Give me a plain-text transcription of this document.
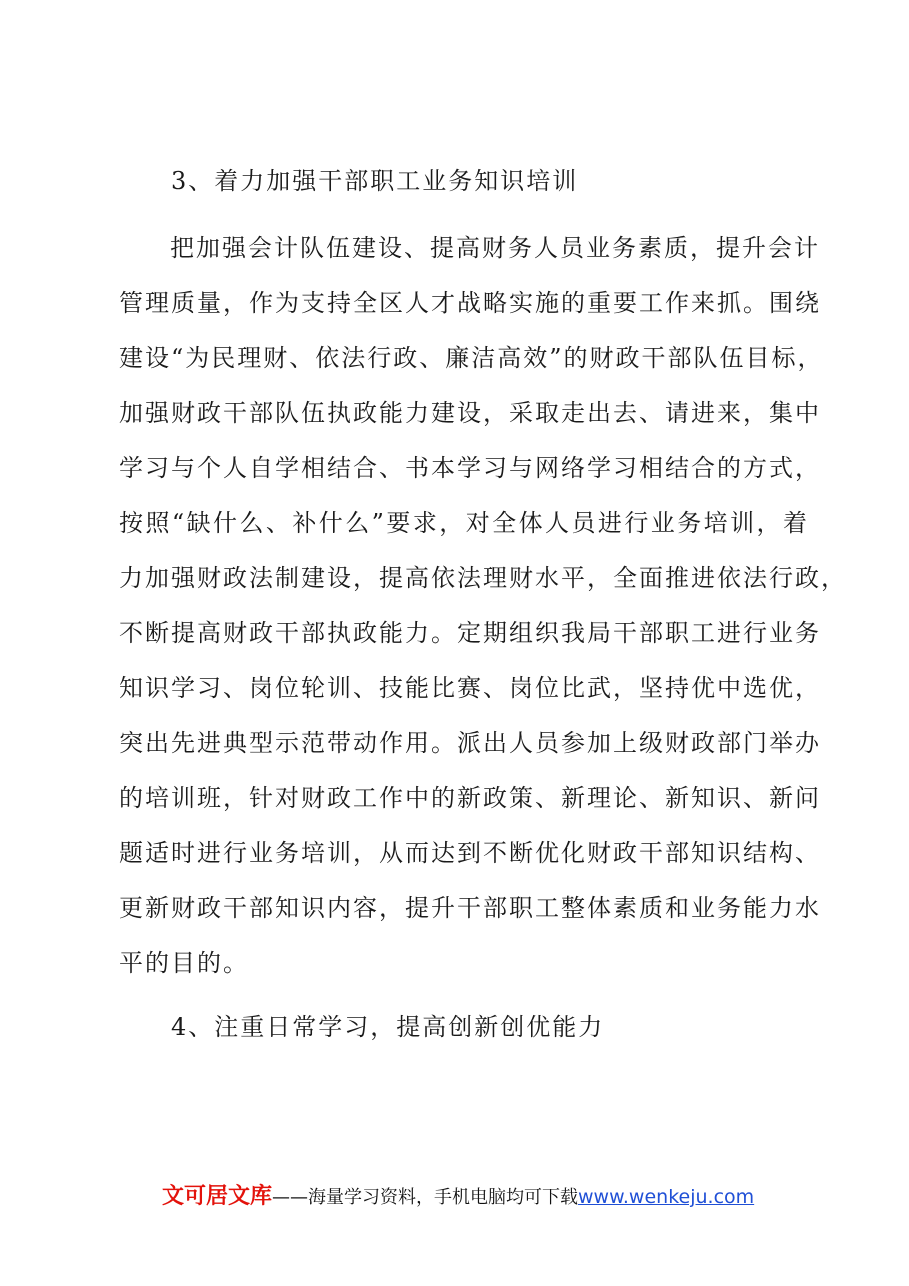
3、着力加强干部职工业务知识培训
把加强会计队伍建设、提高财务人员业务素质，提升会计
管理质量，作为支持全区人才战略实施的重要工作来抓。围绕
建设“为民理财、依法行政、廉洁高效”的财政干部队伍目标，
加强财政干部队伍执政能力建设，采取走出去、请进来，集中
学习与个人自学相结合、书本学习与网络学习相结合的方式，
按照“缺什么、补什么”要求，对全体人员进行业务培训，着
力加强财政法制建设，提高依法理财水平，全面推进依法行政，
不断提高财政干部执政能力。定期组织我局干部职工进行业务
知识学习、岗位轮训、技能比赛、岗位比武，坚持优中选优，
突出先进典型示范带动作用。派出人员参加上级财政部门举办
的培训班，针对财政工作中的新政策、新理论、新知识、新问
题适时进行业务培训，从而达到不断优化财政干部知识结构、
更新财政干部知识内容，提升干部职工整体素质和业务能力水
平的目的。
4、注重日常学习，提高创新创优能力
文可居文库——海量学习资料，手机电脑均可下载www.wenkeju.com
